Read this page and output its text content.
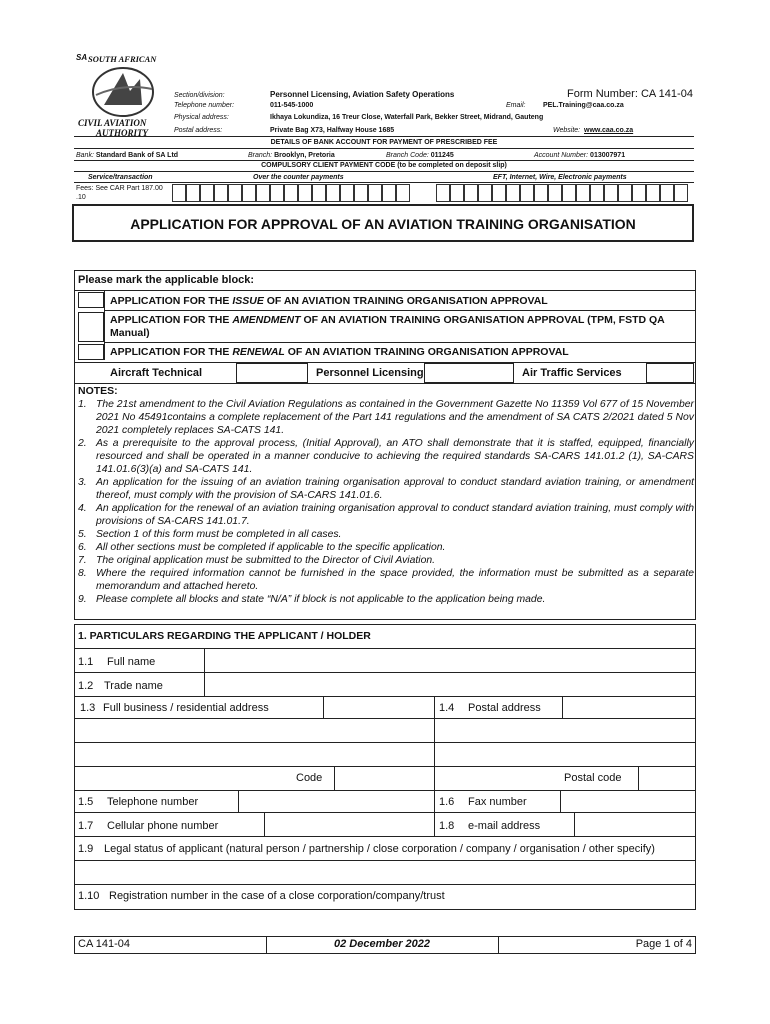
SA SOUTH AFRICAN
CIVIL AVIATION
AUTHORITY
Form Number: CA 141-04
Section/division:	Personnel Licensing, Aviation Safety Operations
Telephone number:	011-545-1000	Email:	PEL.Training@caa.co.za
Physical address:	Ikhaya Lokundiza, 16 Treur Close, Waterfall Park, Bekker Street, Midrand, Gauteng
Postal address:	Private Bag X73, Halfway House 1685	Website: www.caa.co.za
DETAILS OF BANK ACCOUNT FOR PAYMENT OF PRESCRIBED FEE
Bank: Standard Bank of SA Ltd	Branch: Brooklyn, Pretoria	Branch Code: 011245	Account Number: 013007971
COMPULSORY CLIENT PAYMENT CODE (to be completed on deposit slip)
Service/transaction	Over the counter payments	EFT, Internet, Wire, Electronic payments
Fees: See CAR Part 187.00 .10
APPLICATION FOR APPROVAL OF AN AVIATION TRAINING ORGANISATION
Please mark the applicable block:
APPLICATION FOR THE ISSUE OF AN AVIATION TRAINING ORGANISATION APPROVAL
APPLICATION FOR THE AMENDMENT OF AN AVIATION TRAINING ORGANISATION APPROVAL (TPM, FSTD QA Manual)
APPLICATION FOR THE RENEWAL OF AN AVIATION TRAINING ORGANISATION APPROVAL
Aircraft Technical	Personnel Licensing	Air Traffic Services
NOTES:
1. The 21st amendment to the Civil Aviation Regulations as contained in the Government Gazette No 11359 Vol 677 of 15 November 2021 No 45491contains a complete replacement of the Part 141 regulations and the amendment of SA CATS 2/2021 dated 5 Nov 2021 completely replaces SA-CATS 141.
2. As a prerequisite to the approval process, (Initial Approval), an ATO shall demonstrate that it is staffed, equipped, financially resourced and shall be operated in a manner conducive to achieving the required standards SA-CARS 141.01.2 (1), SA-CARS 141.01.6(3)(a) and SA-CATS 141.
3. An application for the issuing of an aviation training organisation approval to conduct standard aviation training, or amendment thereof, must comply with the provision of SA-CARS 141.01.6.
4. An application for the renewal of an aviation training organisation approval to conduct standard aviation training, must comply with provisions of SA-CARS 141.01.7.
5. Section 1 of this form must be completed in all cases.
6. All other sections must be completed if applicable to the specific application.
7. The original application must be submitted to the Director of Civil Aviation.
8. Where the required information cannot be furnished in the space provided, the information must be submitted as a separate memorandum and attached hereto.
9. Please complete all blocks and state “N/A” if block is not applicable to the application being made.
1. PARTICULARS REGARDING THE APPLICANT / HOLDER
1.1 Full name
1.2 Trade name
1.3 Full business / residential address	1.4 Postal address
Code	Postal code
1.5 Telephone number	1.6 Fax number
1.7 Cellular phone number	1.8 e-mail address
1.9 Legal status of applicant (natural person / partnership / close corporation / company / organisation / other specify)
1.10 Registration number in the case of a close corporation/company/trust
CA 141-04	02 December 2022	Page 1 of 4
